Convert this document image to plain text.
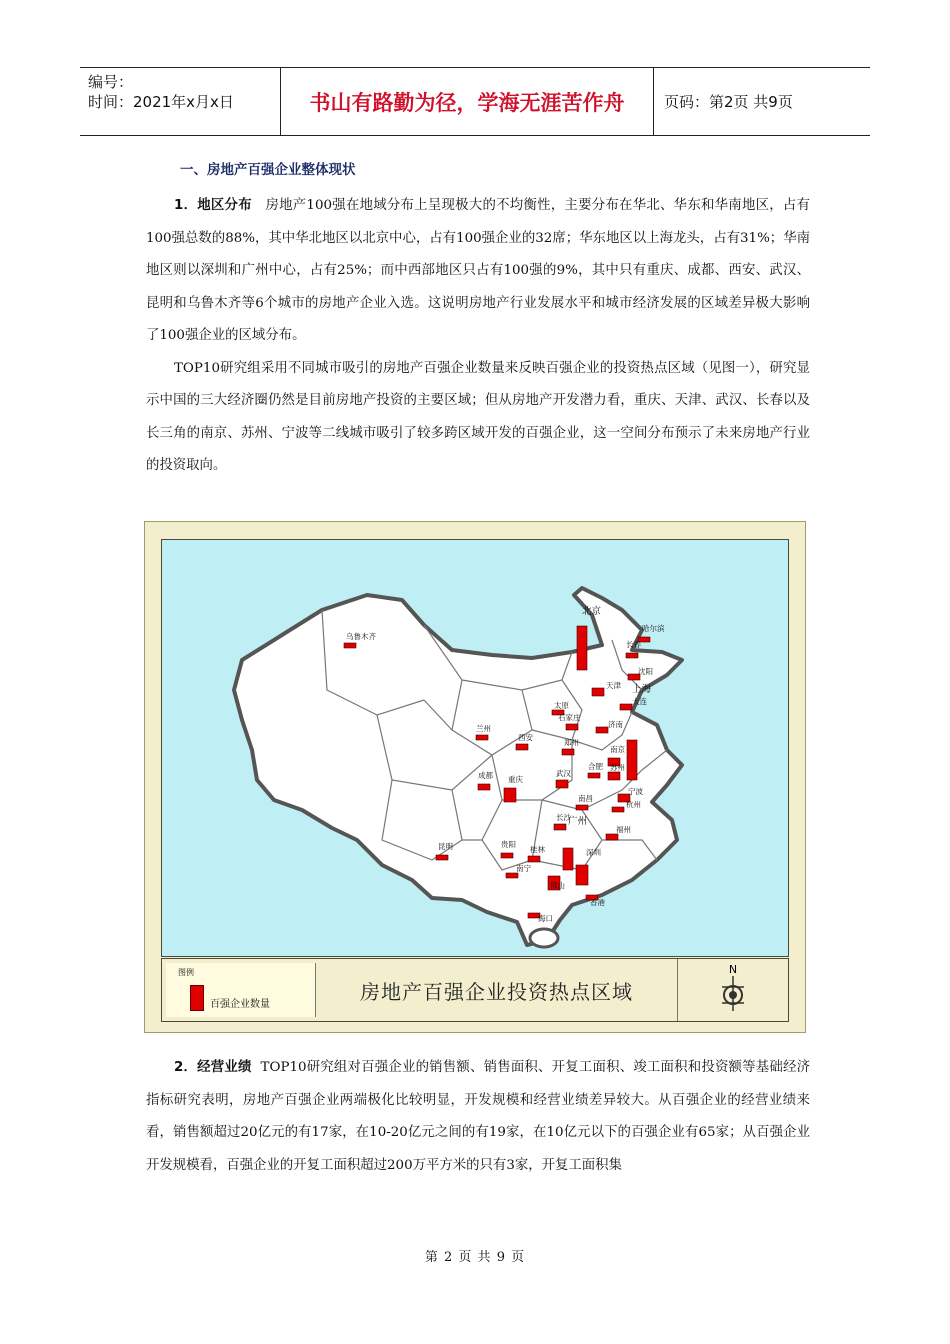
编号：
时间：2021年x月x日	书山有路勤为径，学海无涯苦作舟	页码：第2页 共9页
一、房地产百强企业整体现状

1．地区分布 房地产100强在地域分布上呈现极大的不均衡性，主要分布在华北、华东和华南地区，占有100强总数的88%，其中华北地区以北京中心，占有100强企业的32席；华东地区以上海龙头，占有31%；华南地区则以深圳和广州中心，占有25%；而中西部地区只占有100强的9%，其中只有重庆、成都、西安、武汉、昆明和乌鲁木齐等6个城市的房地产企业入选。这说明房地产行业发展水平和城市经济发展的区域差异极大影响了100强企业的区域分布。

TOP10研究组采用不同城市吸引的房地产百强企业数量来反映百强企业的投资热点区域（见图一），研究显示中国的三大经济圈仍然是目前房地产投资的主要区域；但从房地产开发潜力看，重庆、天津、武汉、长春以及长三角的南京、苏州、宁波等二线城市吸引了较多跨区域开发的百强企业，这一空间分布预示了未来房地产行业的投资取向。

乌鲁木齐
哈尔滨
长春
沈阳
北京
天津
大连
太原
石家庄
济南
兰州
西安
郑州
南京
上海
苏州
成都 重庆
武汉
合肥
宁波
杭州
南昌
长沙
福州
昆明	贵阳
桂林
广州
南宁
佛山
深圳
香港
海口
图例
百强企业数量
房地产百强企业投资热点区域
N

2．经营业绩 TOP10研究组对百强企业的销售额、销售面积、开复工面积、竣工面积和投资额等基础经济指标研究表明，房地产百强企业两端极化比较明显，开发规模和经营业绩差异较大。从百强企业的经营业绩来看，销售额超过20亿元的有17家，在10-20亿元之间的有19家，在10亿元以下的百强企业有65家；从百强企业开发规模看，百强企业的开复工面积超过200万平方米的只有3家，开复工面积集

第 2 页 共 9 页
